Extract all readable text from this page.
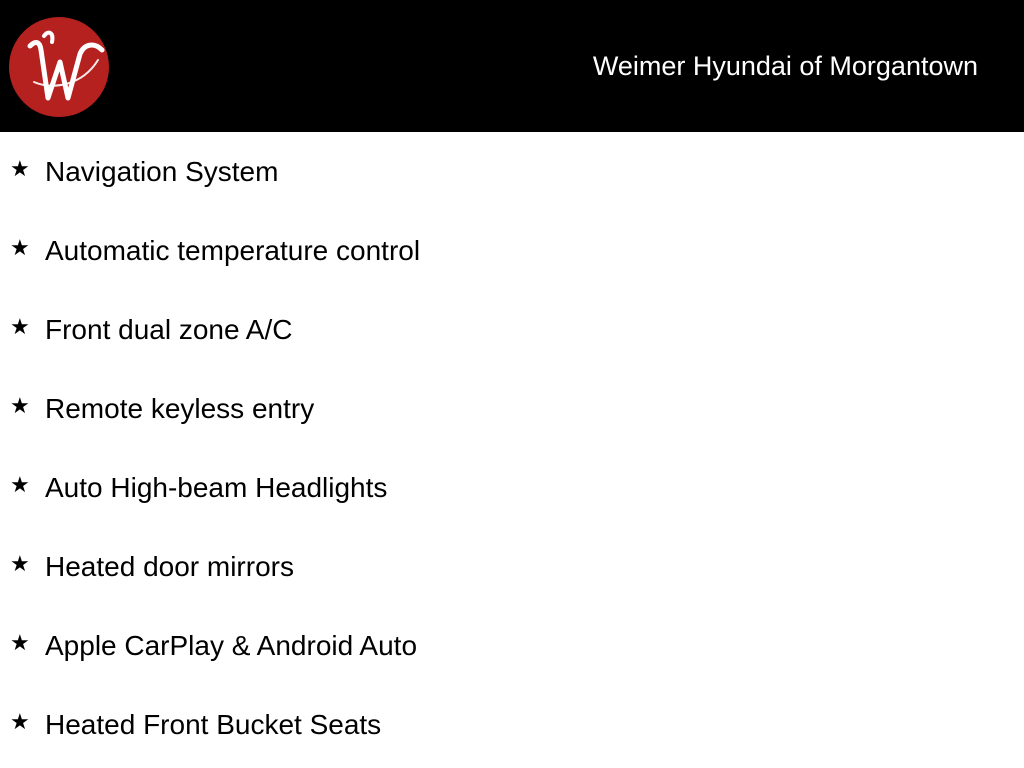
Weimer Hyundai of Morgantown
★ Navigation System
★ Automatic temperature control
★ Front dual zone A/C
★ Remote keyless entry
★ Auto High-beam Headlights
★ Heated door mirrors
★ Apple CarPlay & Android Auto
★ Heated Front Bucket Seats
